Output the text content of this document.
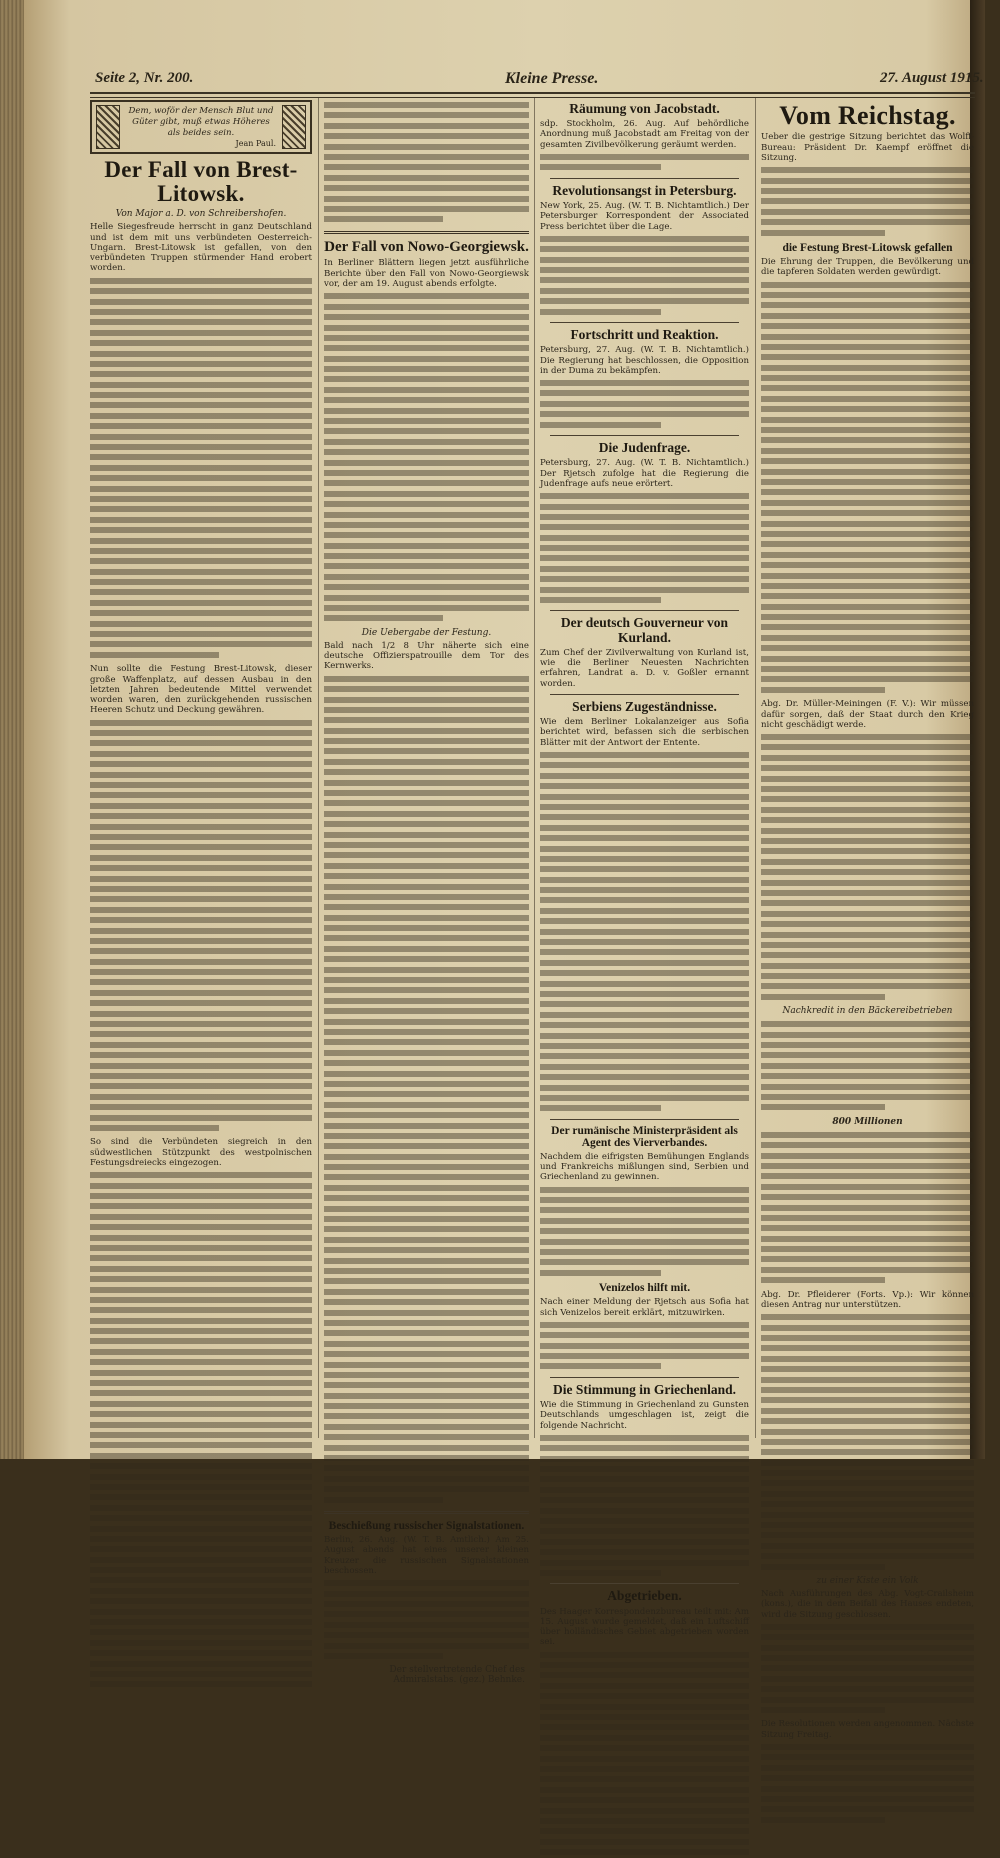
Seite 2, Nr. 200.	Kleine Presse.	27. August 1915.
Dem, woför der Mensch Blut und Güter gibt, muß etwas Höheres als beides sein.
Jean Paul.
Der Fall von Brest-Litowsk.
Von Major a. D. von Schreibershofen.
Helle Siegesfreude herrscht in ganz Deutschland und ist dem mit uns verbündeten Oesterreich-Ungarn. Brest-Litowsk ist gefallen, von den verbündeten Truppen stürmender Hand erobert worden.
Nun sollte die Festung Brest-Litowsk, dieser große Waffenplatz, auf dessen Ausbau in den letzten Jahren bedeutende Mittel verwendet worden waren, den zurückgehenden russischen Heeren Schutz und Deckung gewähren.
So sind die Verbündeten siegreich in den südwestlichen Stützpunkt des westpolnischen Festungsdreiecks eingezogen.
Der Fall von Nowo-Georgiewsk.
In Berliner Blättern liegen jetzt ausführliche Berichte über den Fall von Nowo-Georgiewsk vor, der am 19. August abends erfolgte.
Die Uebergabe der Festung.
Bald nach 1/2 8 Uhr näherte sich eine deutsche Offizierspatrouille dem Tor des Kernwerks.
Beschießung russischer Signalstationen.
Berlin, 26. Aug. (W. T. B. Amtlich.) Am 25. August abends hat eines unserer kleinen Kreuzer die russischen Signalstationen beschossen.
Der stellvertretende Chef des Admiralstabs. (gez.) Behnke.
Räumung von Jacobstadt.
sdp. Stockholm, 26. Aug. Auf behördliche Anordnung muß Jacobstadt am Freitag von der gesamten Zivilbevölkerung geräumt werden.
Revolutionsangst in Petersburg.
New York, 25. Aug. (W. T. B. Nichtamtlich.) Der Petersburger Korrespondent der Associated Press berichtet über die Lage.
Fortschritt und Reaktion.
Petersburg, 27. Aug. (W. T. B. Nichtamtlich.) Die Regierung hat beschlossen, die Opposition in der Duma zu bekämpfen.
Die Judenfrage.
Petersburg, 27. Aug. (W. T. B. Nichtamtlich.) Der Rjetsch zufolge hat die Regierung die Judenfrage aufs neue erörtert.
Der deutsch Gouverneur von Kurland.
Zum Chef der Zivilverwaltung von Kurland ist, wie die Berliner Neuesten Nachrichten erfahren, Landrat a. D. v. Goßler ernannt worden.
Serbiens Zugeständnisse.
Wie dem Berliner Lokalanzeiger aus Sofia berichtet wird, befassen sich die serbischen Blätter mit der Antwort der Entente.
Der rumänische Ministerpräsident als Agent des Vierverbandes.
Nachdem die eifrigsten Bemühungen Englands und Frankreichs mißlungen sind, Serbien und Griechenland zu gewinnen.
Venizelos hilft mit.
Nach einer Meldung der Rjetsch aus Sofia hat sich Venizelos bereit erklärt, mitzuwirken.
Die Stimmung in Griechenland.
Wie die Stimmung in Griechenland zu Gunsten Deutschlands umgeschlagen ist, zeigt die folgende Nachricht.
Abgetrieben.
Des Haager Korrespondenzbureau teilt mit: Am 15. August wurde gemeldet, daß ein Luftschiff über holländisches Gebiet abgetrieben worden sei.
Vom Reichstag.
Ueber die gestrige Sitzung berichtet das Wolff-Bureau: Präsident Dr. Kaempf eröffnet die Sitzung.
die Festung Brest-Litowsk gefallen
Die Ehrung der Truppen, die Bevölkerung und die tapferen Soldaten werden gewürdigt.
Abg. Dr. Müller-Meiningen (F. V.): Wir müssen dafür sorgen, daß der Staat durch den Krieg nicht geschädigt werde.
Nachkredit in den Bäckereibetrieben
800 Millionen
Abg. Dr. Pfleiderer (Forts. Vp.): Wir können diesen Antrag nur unterstützen.
zu einer Kiste ein Volk
Nach Ausführungen des Abg. Vogt-Crailsheim (kons.), die in dem Beifall des Hauses endeten, wird die Sitzung geschlossen.
Die Resolutionen werden angenommen. Nächste Sitzung Freitag.
